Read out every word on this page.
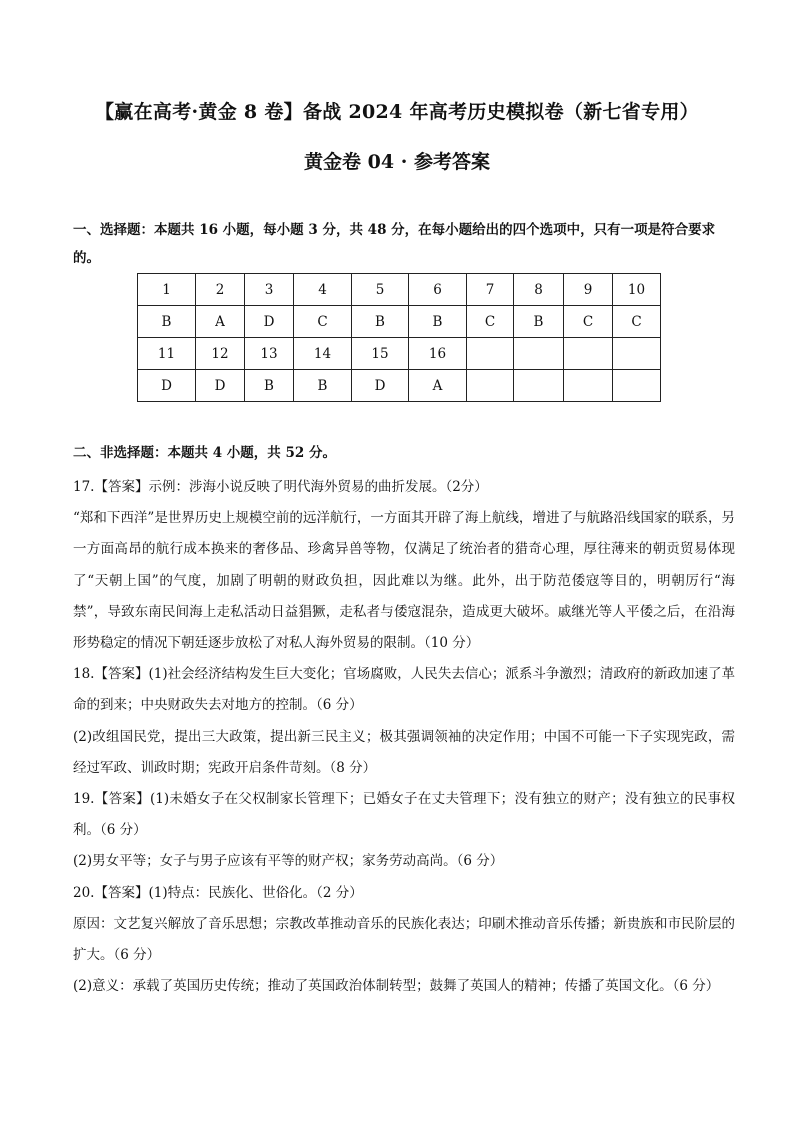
【赢在高考·黄金 8 卷】备战 2024 年高考历史模拟卷（新七省专用）
黄金卷 04 · 参考答案
一、选择题：本题共 16 小题，每小题 3 分，共 48 分，在每小题给出的四个选项中，只有一项是符合要求的。
1	2	3	4	5	6	7	8	9	10
B	A	D	C	B	B	C	B	C	C
11	12	13	14	15	16				
D	D	B	B	D	A				
二、非选择题：本题共 4 小题，共 52 分。

17.【答案】示例：涉海小说反映了明代海外贸易的曲折发展。（2分）

“郑和下西洋”是世界历史上规模空前的远洋航行，一方面其开辟了海上航线，增进了与航路沿线国家的联系，另一方面高昂的航行成本换来的奢侈品、珍禽异兽等物，仅满足了统治者的猎奇心理，厚往薄来的朝贡贸易体现了“天朝上国”的气度，加剧了明朝的财政负担，因此难以为继。此外，出于防范倭寇等目的，明朝厉行“海禁”，导致东南民间海上走私活动日益猖獗，走私者与倭寇混杂，造成更大破坏。戚继光等人平倭之后，在沿海形势稳定的情况下朝廷逐步放松了对私人海外贸易的限制。（10 分）

18.【答案】(1)社会经济结构发生巨大变化；官场腐败，人民失去信心；派系斗争激烈；清政府的新政加速了革命的到来；中央财政失去对地方的控制。（6 分）

(2)改组国民党，提出三大政策，提出新三民主义；极其强调领袖的决定作用；中国不可能一下子实现宪政，需经过军政、训政时期；宪政开启条件苛刻。（8 分）

19.【答案】(1)未婚女子在父权制家长管理下；已婚女子在丈夫管理下；没有独立的财产；没有独立的民事权利。（6 分）

(2)男女平等；女子与男子应该有平等的财产权；家务劳动高尚。（6 分）

20.【答案】(1)特点：民族化、世俗化。（2 分）

原因：文艺复兴解放了音乐思想；宗教改革推动音乐的民族化表达；印刷术推动音乐传播；新贵族和市民阶层的扩大。（6 分）

(2)意义：承载了英国历史传统；推动了英国政治体制转型；鼓舞了英国人的精神；传播了英国文化。（6 分）
